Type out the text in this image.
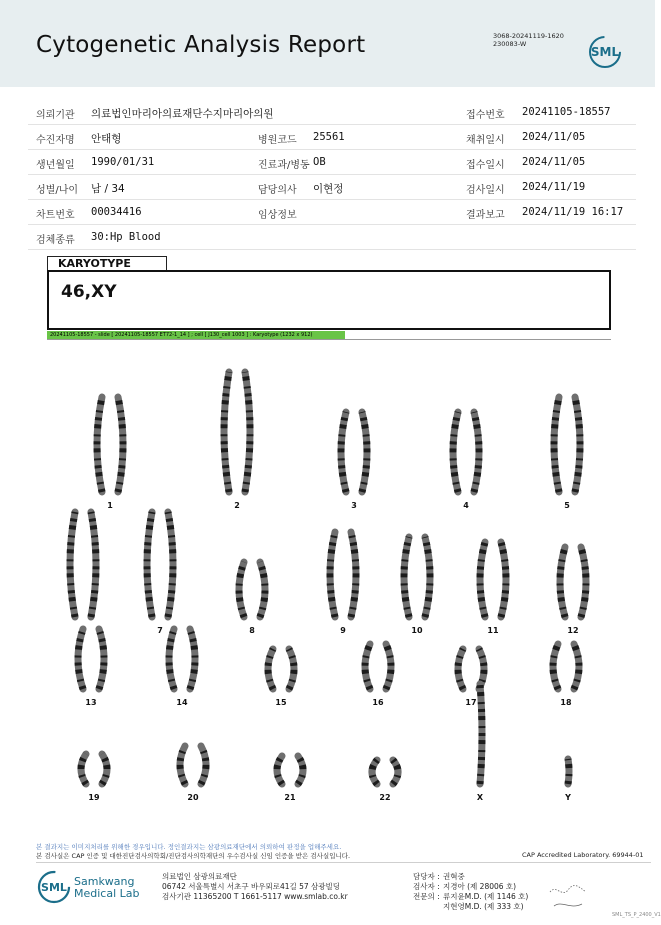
Cytogenetic Analysis Report	3068-20241119-1620
230083-W
SML
의뢰기관 의료법인마리아의료재단수지마리아의원	접수번호 20241105-18557
수진자명 안태형	병원코드 25561	채취일시 2024/11/05
생년월일 1990/01/31	진료과/병동 OB	접수일시 2024/11/05
성별/나이 남 / 34	담당의사 이현정	검사일시 2024/11/19
차트번호 00034416	임상정보	결과보고 2024/11/19 16:17
검체종류 30:Hp Blood
KARYOTYPE
46,XY
20241105-18557 - slide [ 20241105-18557 ET72-1_14 ] ; cell [ J130_cell 1003 ] : Karyotype (1232 x 912)
1	2	3	4	5
6	7	8	9	10	11	12
13	14	15	16	17	18
19	20	21	22	X	Y
본 결과지는 이미지처리를 위해한 경우입니다. 정인결과지는 삼광의료재단에서 의뢰하여 판정을 업해주세요.
본 검사실은 CAP 인증 및 대한진단검사의학회/진단검사의학재단의 우수검사실 신임 인증을 받은 검사실입니다.	CAP Accredited Laboratory. 69944-01
SML Samkwang
Medical Lab
의료법인 삼광의료재단
06742 서울특별시 서초구 바우뫼로41길 57 삼광빌딩
검사기관 11365200 T 1661-5117 www.smlab.co.kr
담당자 : 권혁중
검사자 : 지경아 (제 28006 호)
전문의 : 류지윤M.D. (제 1146 호)
지현영M.D. (제 333 호)
SML_TS_P_2400_V1
